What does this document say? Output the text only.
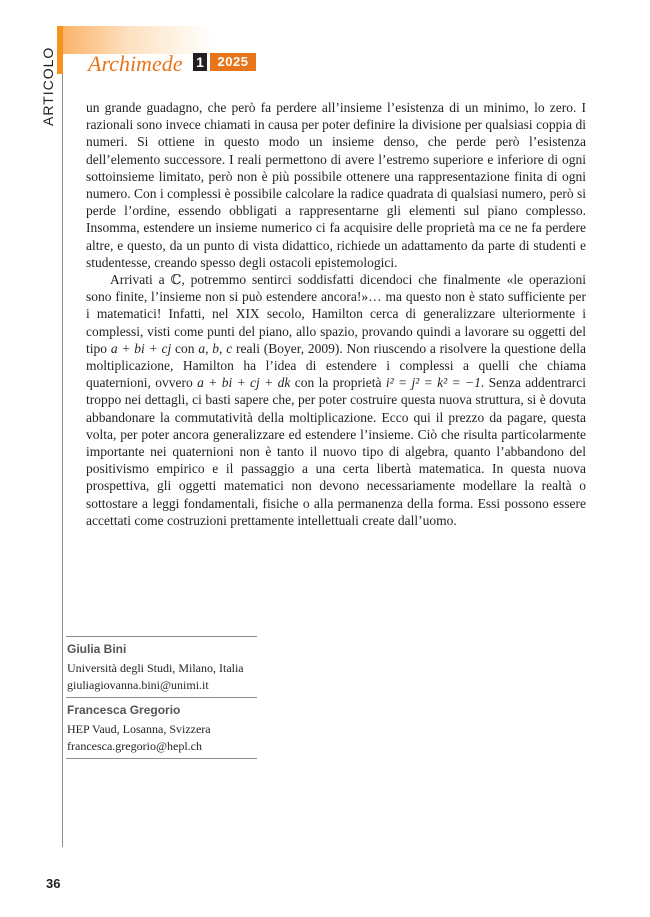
ARTICOLO Archimede 1	2025

un grande guadagno, che però fa perdere all’insieme l’esistenza di un minimo, lo zero. I razionali sono invece chiamati in causa per poter definire la divisione per qualsiasi coppia di numeri. Si ottiene in questo modo un insieme denso, che perde però l’esistenza dell’elemento successore. I reali permettono di avere l’estremo superiore e inferiore di ogni sottoinsieme limitato, però non è più possibile ottenere una rappresentazione finita di ogni numero. Con i complessi è possibile calcolare la radice quadrata di qualsiasi numero, però si perde l’ordine, essendo obbligati a rappresentarne gli elementi sul piano complesso. Insomma, estendere un insieme numerico ci fa acquisire delle proprietà ma ce ne fa perdere altre, e questo, da un punto di vista didattico, richiede un adattamento da parte di studenti e studentesse, creando spesso degli ostacoli epistemologici.

Arrivati a ℂ, potremmo sentirci soddisfatti dicendoci che finalmente «le operazioni sono finite, l’insieme non si può estendere ancora!»… ma questo non è stato sufficiente per i matematici! Infatti, nel XIX secolo, Hamilton cerca di generalizzare ulteriormente i complessi, visti come punti del piano, allo spazio, provando quindi a lavorare su oggetti del tipo a + bi + cj con a, b, c reali (Boyer, 2009). Non riuscendo a risolvere la questione della moltiplicazione, Hamilton ha l’idea di estendere i complessi a quelli che chiama quaternioni, ovvero a + bi + cj + dk con la proprietà i² = j² = k² = −1. Senza addentrarci troppo nei dettagli, ci basti sapere che, per poter costruire questa nuova struttura, si è dovuta abbandonare la commutatività della moltiplicazione. Ecco qui il prezzo da pagare, questa volta, per poter ancora generalizzare ed estendere l’insieme. Ciò che risulta particolarmente importante nei quaternioni non è tanto il nuovo tipo di algebra, quanto l’abbandono del positivismo empirico e il passaggio a una certa libertà matematica. In questa nuova prospettiva, gli oggetti matematici non devono necessariamente modellare la realtà o sottostare a leggi fondamentali, fisiche o alla permanenza della forma. Essi possono essere accettati come costruzioni prettamente intellettuali create dall’uomo.

Giulia Bini
Università degli Studi, Milano, Italia
giuliagiovanna.bini@unimi.it
Francesca Gregorio
HEP Vaud, Losanna, Svizzera
francesca.gregorio@hepl.ch
36
